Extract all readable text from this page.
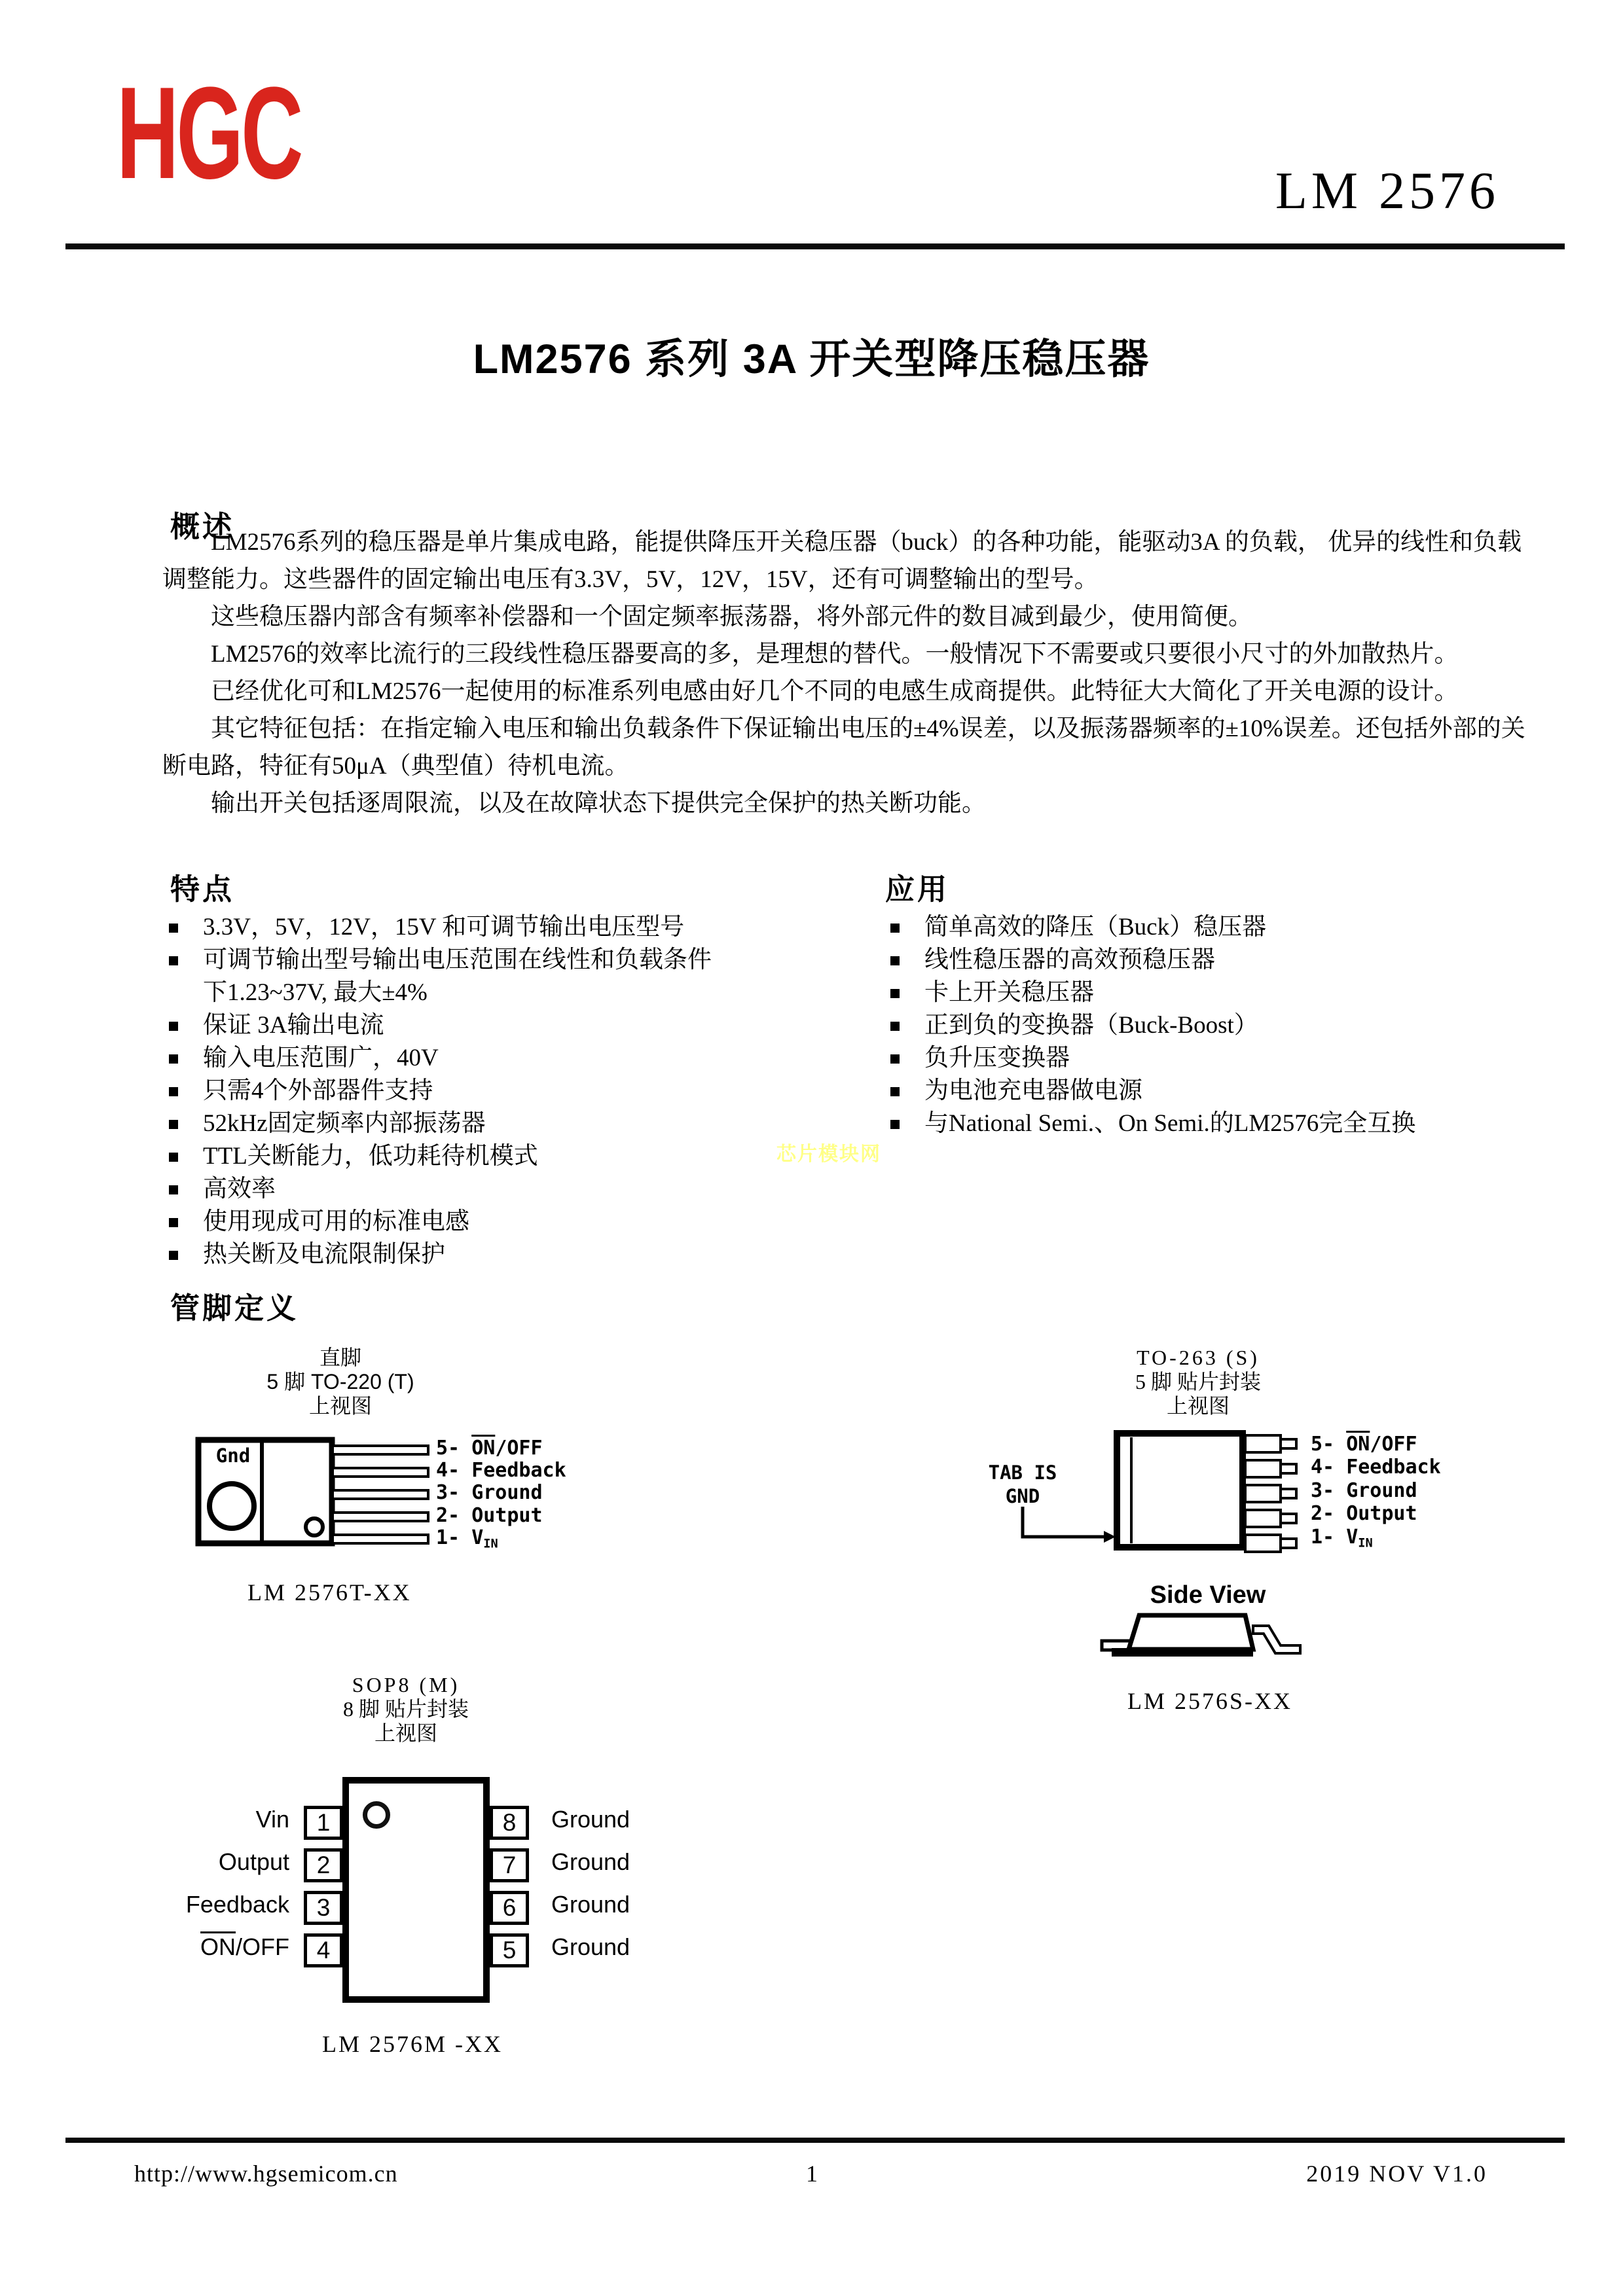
HGC	LM 2576
LM2576 系列 3A 开关型降压稳压器
概述

LM2576系列的稳压器是单片集成电路，能提供降压开关稳压器（buck）的各种功能，能驱动3A 的负载， 优异的线性和负载调整能力。这些器件的固定输出电压有3.3V，5V，12V，15V，还有可调整输出的型号。

这些稳压器内部含有频率补偿器和一个固定频率振荡器，将外部元件的数目减到最少，使用简便。

LM2576的效率比流行的三段线性稳压器要高的多，是理想的替代。一般情况下不需要或只要很小尺寸的外加散热片。

已经优化可和LM2576一起使用的标准系列电感由好几个不同的电感生成商提供。此特征大大简化了开关电源的设计。

其它特征包括：在指定输入电压和输出负载条件下保证输出电压的±4%误差，以及振荡器频率的±10%误差。还包括外部的关断电路，特征有50μA（典型值）待机电流。

输出开关包括逐周限流，以及在故障状态下提供完全保护的热关断功能。

特点
3.3V，5V，12V，15V 和可调节输出电压型号
可调节输出型号输出电压范围在线性和负载条件下1.23~37V, 最大±4%
保证 3A输出电流
输入电压范围广，40V
只需4个外部器件支持
52kHz固定频率内部振荡器
TTL关断能力，低功耗待机模式
高效率
使用现成可用的标准电感
热关断及电流限制保护
应用
简单高效的降压（Buck）稳压器
线性稳压器的高效预稳压器
卡上开关稳压器
正到负的变换器（Buck-Boost）
负升压变换器
为电池充电器做电源
与National Semi.、On Semi.的LM2576完全互换
芯片模块网
管脚定义
直脚
5 脚 TO-220 (T)
上视图
Gnd	5- $\overline{ON}$/OFF
4- Feedback
3- Ground
2- Output
1- $V_{IN}$
LM 2576T-XX
TO-263 (S)
5 脚 贴片封装
上视图
TAB IS
GND
5- $\overline{ON}$/OFF
4- Feedback
3- Ground
2- Output
1- $V_{IN}$
Side View
LM 2576S-XX
SOP8 (M)
8 脚 贴片封装
上视图
Vin	1	8	Ground
Output	2	7	Ground
Feedback	3	6	Ground
$\overline{ON}$/OFF	4	5	Ground
LM 2576M -XX
http://www.hgsemicom.cn	1	2019 NOV V1.0
